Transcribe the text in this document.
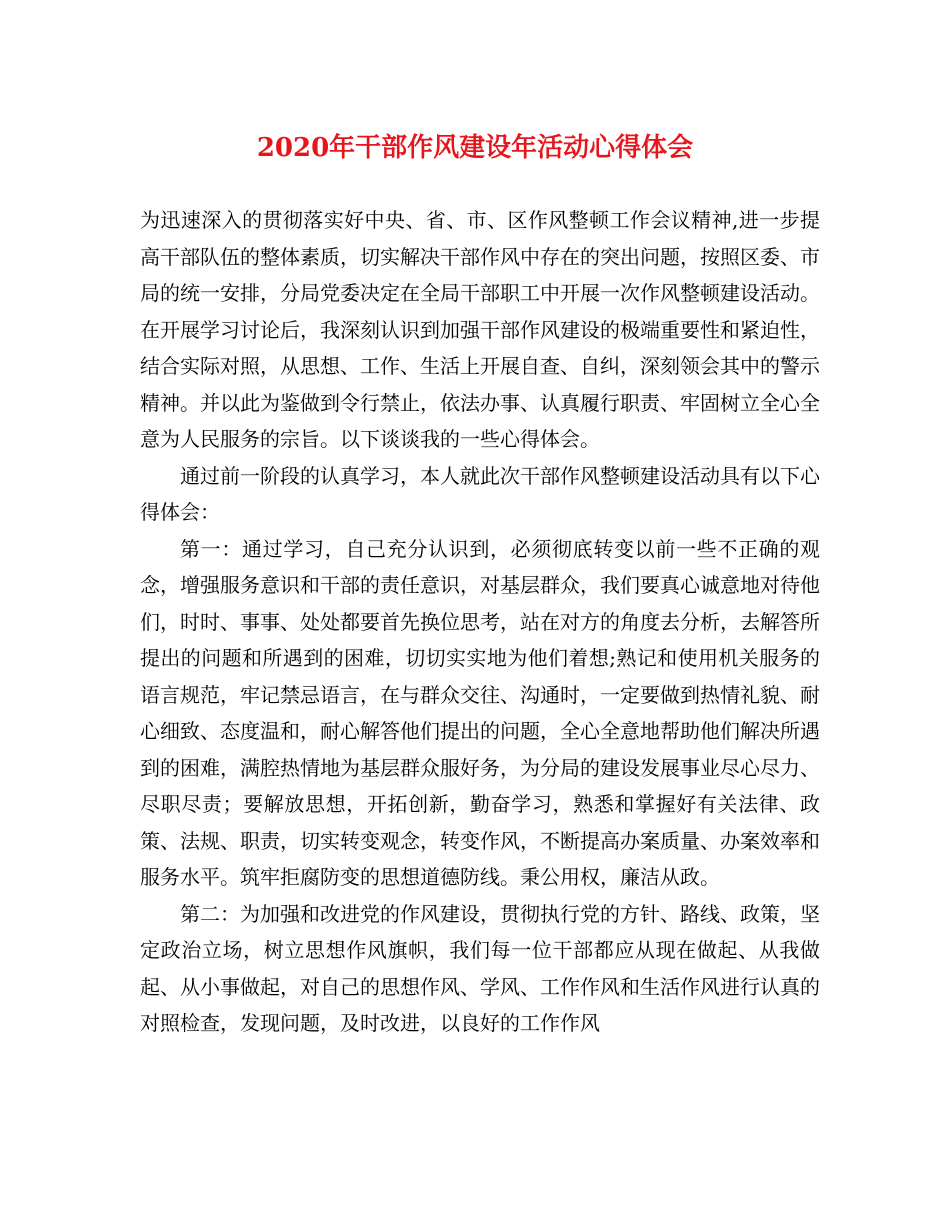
2020年干部作风建设年活动心得体会

为迅速深入的贯彻落实好中央、省、市、区作风整顿工作会议精神,进一步提高干部队伍的整体素质，切实解决干部作风中存在的突出问题，按照区委、市局的统一安排，分局党委决定在全局干部职工中开展一次作风整顿建设活动。在开展学习讨论后，我深刻认识到加强干部作风建设的极端重要性和紧迫性，结合实际对照，从思想、工作、生活上开展自查、自纠，深刻领会其中的警示精神。并以此为鉴做到令行禁止，依法办事、认真履行职责、牢固树立全心全意为人民服务的宗旨。以下谈谈我的一些心得体会。

通过前一阶段的认真学习，本人就此次干部作风整顿建设活动具有以下心得体会：

第一：通过学习，自己充分认识到，必须彻底转变以前一些不正确的观念，增强服务意识和干部的责任意识，对基层群众，我们要真心诚意地对待他们，时时、事事、处处都要首先换位思考，站在对方的角度去分析，去解答所提出的问题和所遇到的困难，切切实实地为他们着想;熟记和使用机关服务的语言规范，牢记禁忌语言，在与群众交往、沟通时，一定要做到热情礼貌、耐心细致、态度温和，耐心解答他们提出的问题，全心全意地帮助他们解决所遇到的困难，满腔热情地为基层群众服好务，为分局的建设发展事业尽心尽力、尽职尽责；要解放思想，开拓创新，勤奋学习，熟悉和掌握好有关法律、政策、法规、职责，切实转变观念，转变作风，不断提高办案质量、办案效率和服务水平。筑牢拒腐防变的思想道德防线。秉公用权，廉洁从政。

第二：为加强和改进党的作风建设，贯彻执行党的方针、路线、政策，坚定政治立场，树立思想作风旗帜，我们每一位干部都应从现在做起、从我做起、从小事做起，对自己的思想作风、学风、工作作风和生活作风进行认真的对照检查，发现问题，及时改进，以良好的工作作风
